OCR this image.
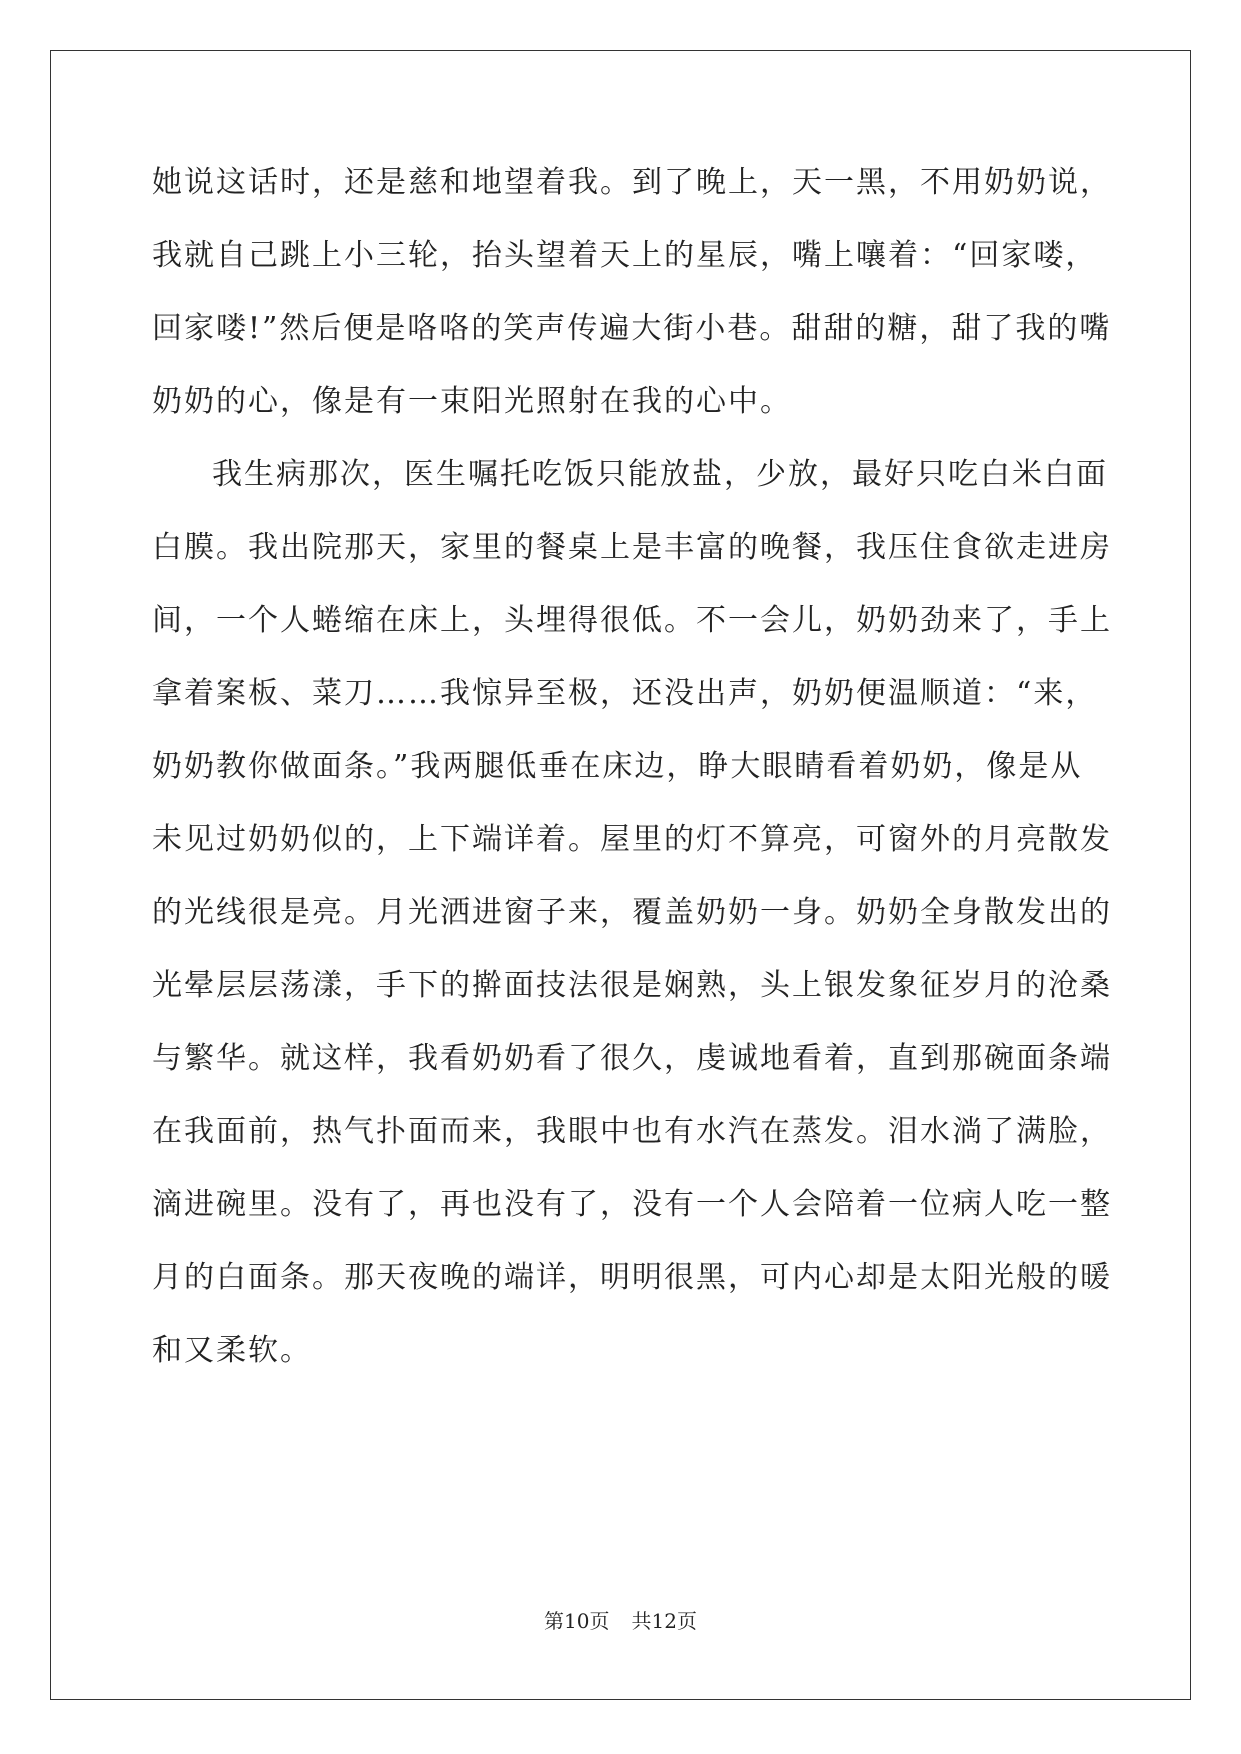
她说这话时，还是慈和地望着我。到了晚上，天一黑，不用奶奶说，
我就自己跳上小三轮，抬头望着天上的星辰，嘴上嚷着：“回家喽，
回家喽!”然后便是咯咯的笑声传遍大街小巷。甜甜的糖，甜了我的嘴
奶奶的心，像是有一束阳光照射在我的心中。
我生病那次，医生嘱托吃饭只能放盐，少放，最好只吃白米白面
白膜。我出院那天，家里的餐桌上是丰富的晚餐，我压住食欲走进房
间，一个人蜷缩在床上，头埋得很低。不一会儿，奶奶劲来了，手上
拿着案板、菜刀……我惊异至极，还没出声，奶奶便温顺道：“来，
奶奶教你做面条。”我两腿低垂在床边，睁大眼睛看着奶奶，像是从
未见过奶奶似的，上下端详着。屋里的灯不算亮，可窗外的月亮散发
的光线很是亮。月光洒进窗子来，覆盖奶奶一身。奶奶全身散发出的
光晕层层荡漾，手下的擀面技法很是娴熟，头上银发象征岁月的沧桑
与繁华。就这样，我看奶奶看了很久，虔诚地看着，直到那碗面条端
在我面前，热气扑面而来，我眼中也有水汽在蒸发。泪水淌了满脸，
滴进碗里。没有了，再也没有了，没有一个人会陪着一位病人吃一整
月的白面条。那天夜晚的端详，明明很黑，可内心却是太阳光般的暖
和又柔软。
第10页 共12页
